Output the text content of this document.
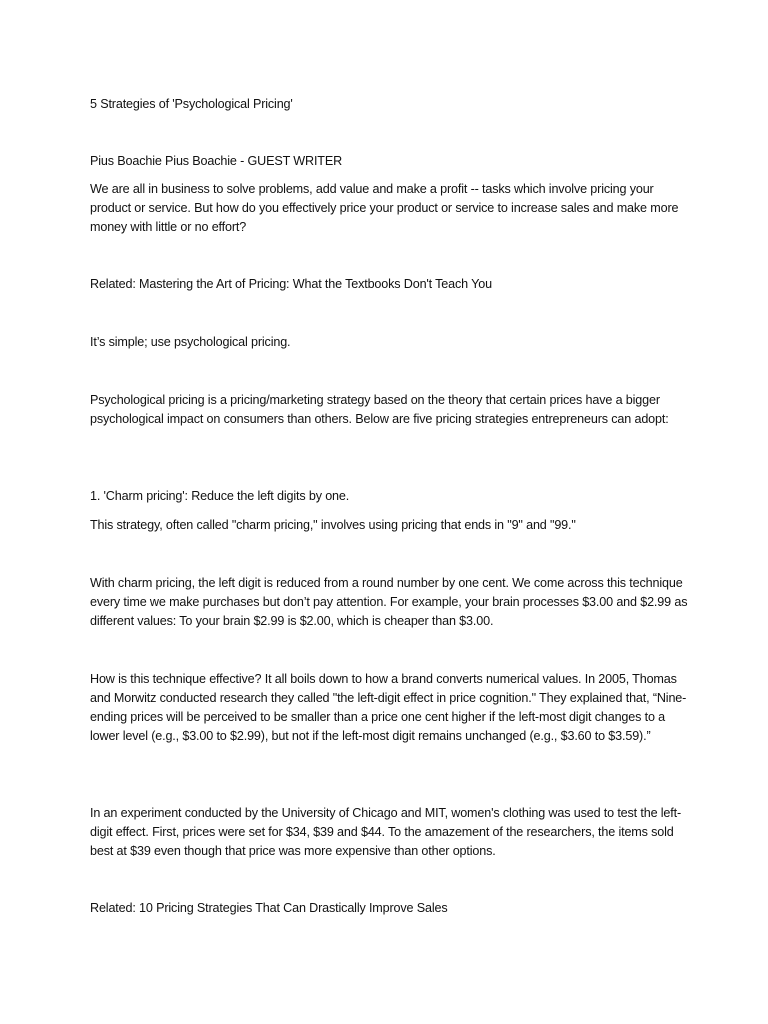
5 Strategies of 'Psychological Pricing'

Pius Boachie Pius Boachie - GUEST WRITER

We are all in business to solve problems, add value and make a profit -- tasks which involve pricing your product or service. But how do you effectively price your product or service to increase sales and make more money with little or no effort?

Related: Mastering the Art of Pricing: What the Textbooks Don't Teach You

It’s simple; use psychological pricing.

Psychological pricing is a pricing/marketing strategy based on the theory that certain prices have a bigger psychological impact on consumers than others. Below are five pricing strategies entrepreneurs can adopt:

1. 'Charm pricing': Reduce the left digits by one.

This strategy, often called "charm pricing," involves using pricing that ends in "9" and "99."

With charm pricing, the left digit is reduced from a round number by one cent. We come across this technique every time we make purchases but don’t pay attention. For example, your brain processes $3.00 and $2.99 as different values: To your brain $2.99 is $2.00, which is cheaper than $3.00.

How is this technique effective? It all boils down to how a brand converts numerical values. In 2005, Thomas and Morwitz conducted research they called "the left-digit effect in price cognition." They explained that, “Nine-ending prices will be perceived to be smaller than a price one cent higher if the left-most digit changes to a lower level (e.g., $3.00 to $2.99), but not if the left-most digit remains unchanged (e.g., $3.60 to $3.59).”

In an experiment conducted by the University of Chicago and MIT, women's clothing was used to test the left-digit effect. First, prices were set for $34, $39 and $44. To the amazement of the researchers, the items sold best at $39 even though that price was more expensive than other options.

Related: 10 Pricing Strategies That Can Drastically Improve Sales
